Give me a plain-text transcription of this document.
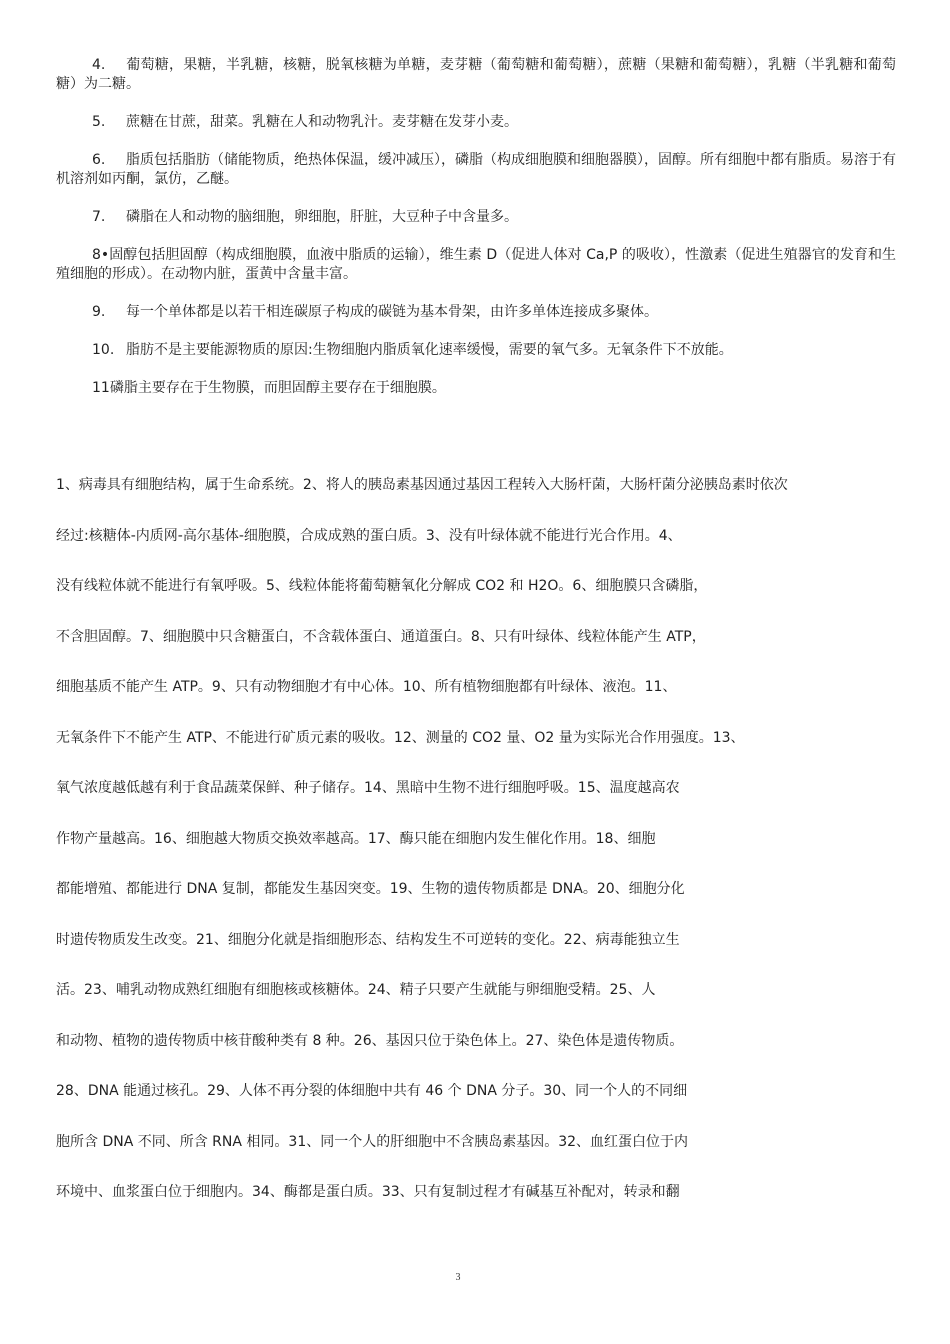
4. 葡萄糖，果糖，半乳糖，核糖，脱氧核糖为单糖，麦芽糖（葡萄糖和葡萄糖），蔗糖（果糖和葡萄糖），乳糖（半乳糖和葡萄糖）为二糖。

5. 蔗糖在甘蔗，甜菜。乳糖在人和动物乳汁。麦芽糖在发芽小麦。

6. 脂质包括脂肪（储能物质，绝热体保温，缓冲减压），磷脂（构成细胞膜和细胞器膜），固醇。所有细胞中都有脂质。易溶于有机溶剂如丙酮，氯仿，乙醚。

7. 磷脂在人和动物的脑细胞，卵细胞，肝脏，大豆种子中含量多。

8•固醇包括胆固醇（构成细胞膜，血液中脂质的运输），维生素 D（促进人体对 Ca,P 的吸收），性激素（促进生殖器官的发育和生殖细胞的形成）。在动物内脏，蛋黄中含量丰富。

9. 每一个单体都是以若干相连碳原子构成的碳链为基本骨架，由许多单体连接成多聚体。

10. 脂肪不是主要能源物质的原因:生物细胞内脂质氧化速率缓慢，需要的氧气多。无氧条件下不放能。

11磷脂主要存在于生物膜，而胆固醇主要存在于细胞膜。

1、病毒具有细胞结构，属于生命系统。2、将人的胰岛素基因通过基因工程转入大肠杆菌，大肠杆菌分泌胰岛素时依次
经过:核糖体-内质网-高尔基体-细胞膜，合成成熟的蛋白质。3、没有叶绿体就不能进行光合作用。4、
没有线粒体就不能进行有氧呼吸。5、线粒体能将葡萄糖氧化分解成 CO2 和 H2O。6、细胞膜只含磷脂，
不含胆固醇。7、细胞膜中只含糖蛋白，不含载体蛋白、通道蛋白。8、只有叶绿体、线粒体能产生 ATP，
细胞基质不能产生 ATP。9、只有动物细胞才有中心体。10、所有植物细胞都有叶绿体、液泡。11、
无氧条件下不能产生 ATP、不能进行矿质元素的吸收。12、测量的 CO2 量、O2 量为实际光合作用强度。13、
氧气浓度越低越有利于食品蔬菜保鲜、种子储存。14、黑暗中生物不进行细胞呼吸。15、温度越高农
作物产量越高。16、细胞越大物质交换效率越高。17、酶只能在细胞内发生催化作用。18、细胞
都能增殖、都能进行 DNA 复制，都能发生基因突变。19、生物的遗传物质都是 DNA。20、细胞分化
时遗传物质发生改变。21、细胞分化就是指细胞形态、结构发生不可逆转的变化。22、病毒能独立生
活。23、哺乳动物成熟红细胞有细胞核或核糖体。24、精子只要产生就能与卵细胞受精。25、人
和动物、植物的遗传物质中核苷酸种类有 8 种。26、基因只位于染色体上。27、染色体是遗传物质。
28、DNA 能通过核孔。29、人体不再分裂的体细胞中共有 46 个 DNA 分子。30、同一个人的不同细
胞所含 DNA 不同、所含 RNA 相同。31、同一个人的肝细胞中不含胰岛素基因。32、血红蛋白位于内
环境中、血浆蛋白位于细胞内。34、酶都是蛋白质。33、只有复制过程才有碱基互补配对，转录和翻
3
